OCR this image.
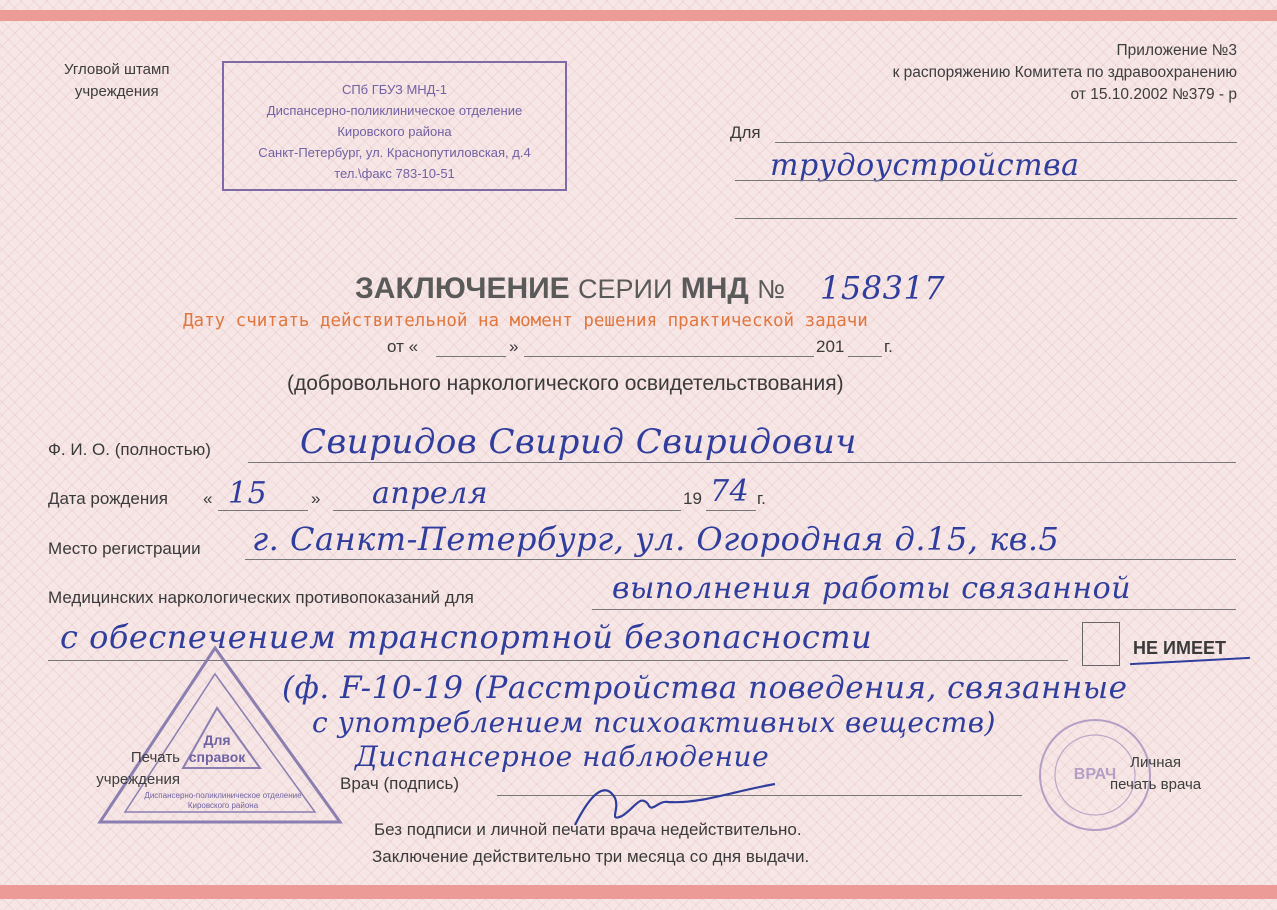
Угловой штамп
учреждения	СПб ГБУЗ МНД-1
Диспансерно-поликлиническое отделение
Кировского района
Санкт-Петербург, ул. Краснопутиловская, д.4
тел.\факс 783-10-51
Приложение №3
к распоряжению Комитета по здравоохранению
от 15.10.2002 №379 - р
Для
трудоустройства
ЗАКЛЮЧЕНИЕ СЕРИИ МНД № 158317
Дату считать действительной на момент решения практической задачи
от «	»	201 г.
(добровольного наркологического освидетельствования)
Ф. И. О. (полностью)	Свиридов Свирид Свиридович
Дата рождения « 15	» апреля	19 74 г.
Место регистрации г. Санкт-Петербург, ул. Огородная д.15, кв.5
Медицинских наркологических противопоказаний для	выполнения работы связанной
с обеспечением транспортной безопасности	НЕ ИМЕЕТ
(ф. F-10-19 (Расстройства поведения, связанные
с употреблением психоактивных веществ)
Диспансерное наблюдение
Для
справок
Диспансерно-поликлиническое отделение
Кировского района
Печать
учреждения	Врач (подпись)	ВРАЧ
Личная
печать врача
Без подписи и личной печати врача недействительно.
Заключение действительно три месяца со дня выдачи.
